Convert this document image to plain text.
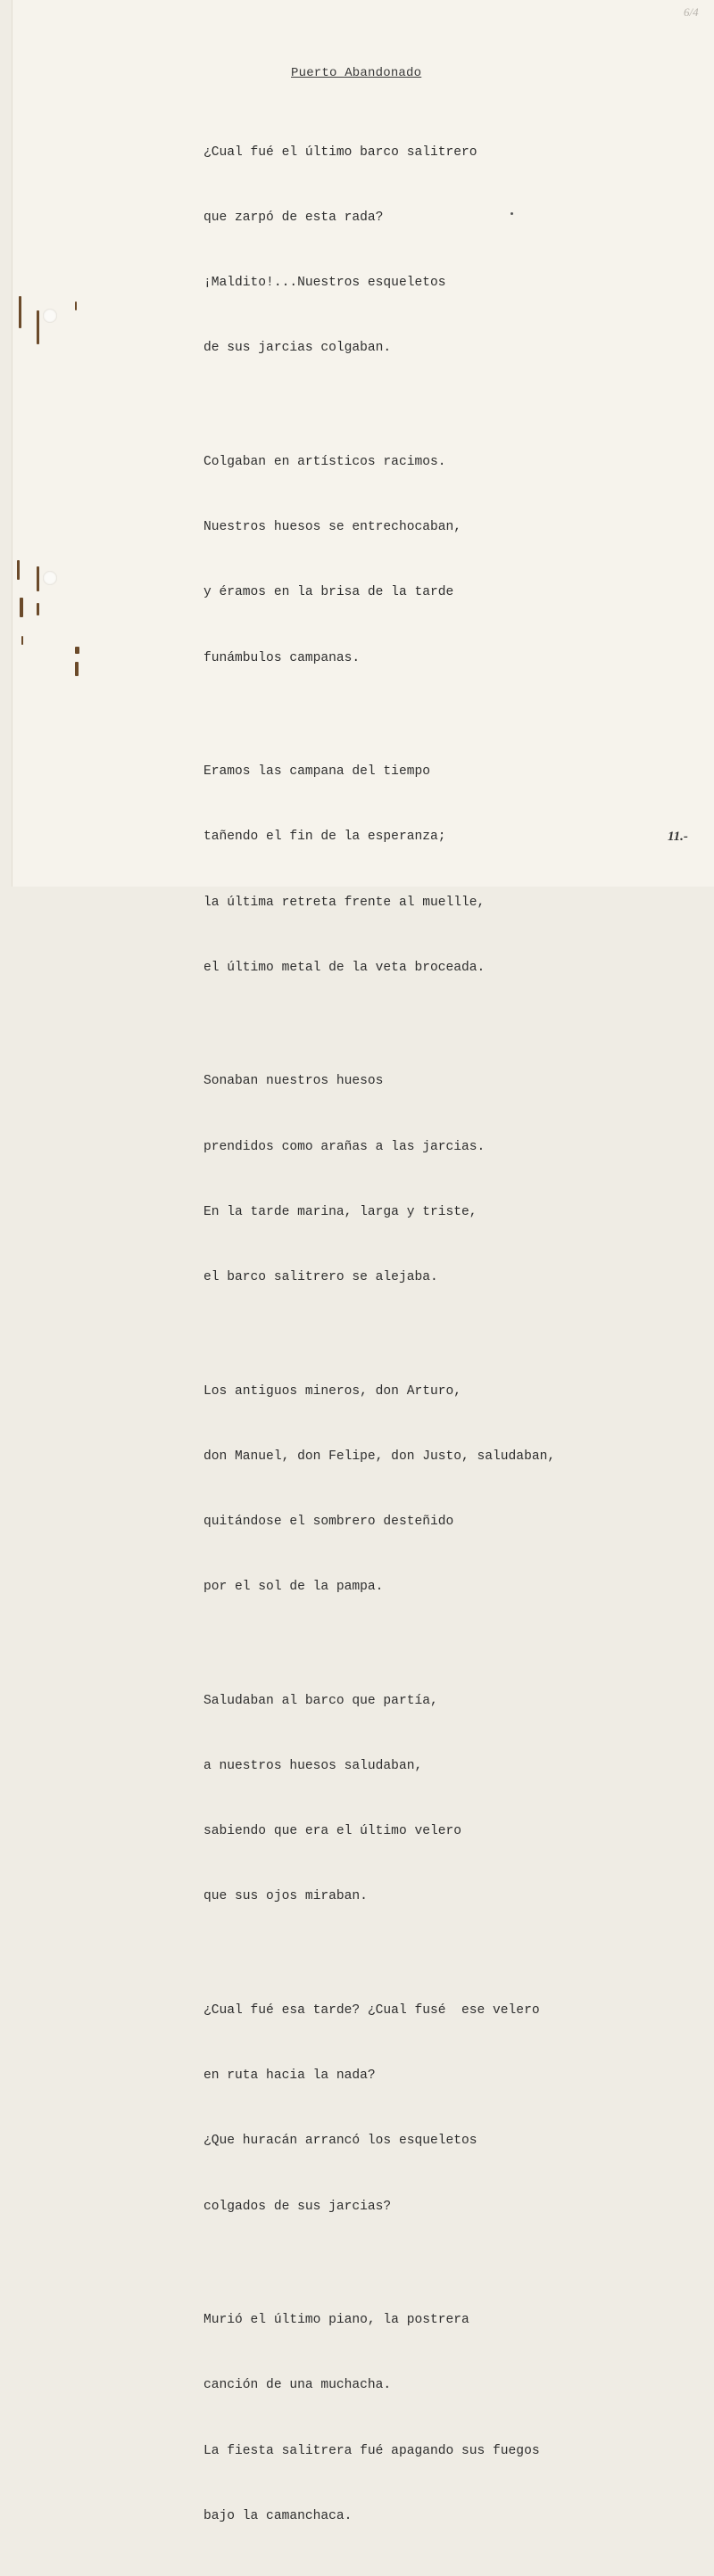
6/4
Puerto Abandonado

¿Cual fué el último barco salitrero

que zarpó de esta rada?

¡Maldito!...Nuestros esqueletos

de sus jarcias colgaban.

Colgaban en artísticos racimos.

Nuestros huesos se entrechocaban,

y éramos en la brisa de la tarde

funámbulos campanas.

Eramos las campana del tiempo

tañendo el fin de la esperanza;

la última retreta frente al muellle,

el último metal de la veta broceada.

Sonaban nuestros huesos

prendidos como arañas a las jarcias.

En la tarde marina, larga y triste,

el barco salitrero se alejaba.

Los antiguos mineros, don Arturo,

don Manuel, don Felipe, don Justo, saludaban,

quitándose el sombrero desteñido

por el sol de la pampa.

Saludaban al barco que partía,

a nuestros huesos saludaban,

sabiendo que era el último velero

que sus ojos miraban.

¿Cual fué esa tarde? ¿Cual fusé  ese velero

en ruta hacia la nada?

¿Que huracán arrancó los esqueletos

colgados de sus jarcias?

Murió el último piano, la postrera

canción de una muchacha.

La fiesta salitrera fué apagando sus fuegos

bajo la camanchaca.

11.-
